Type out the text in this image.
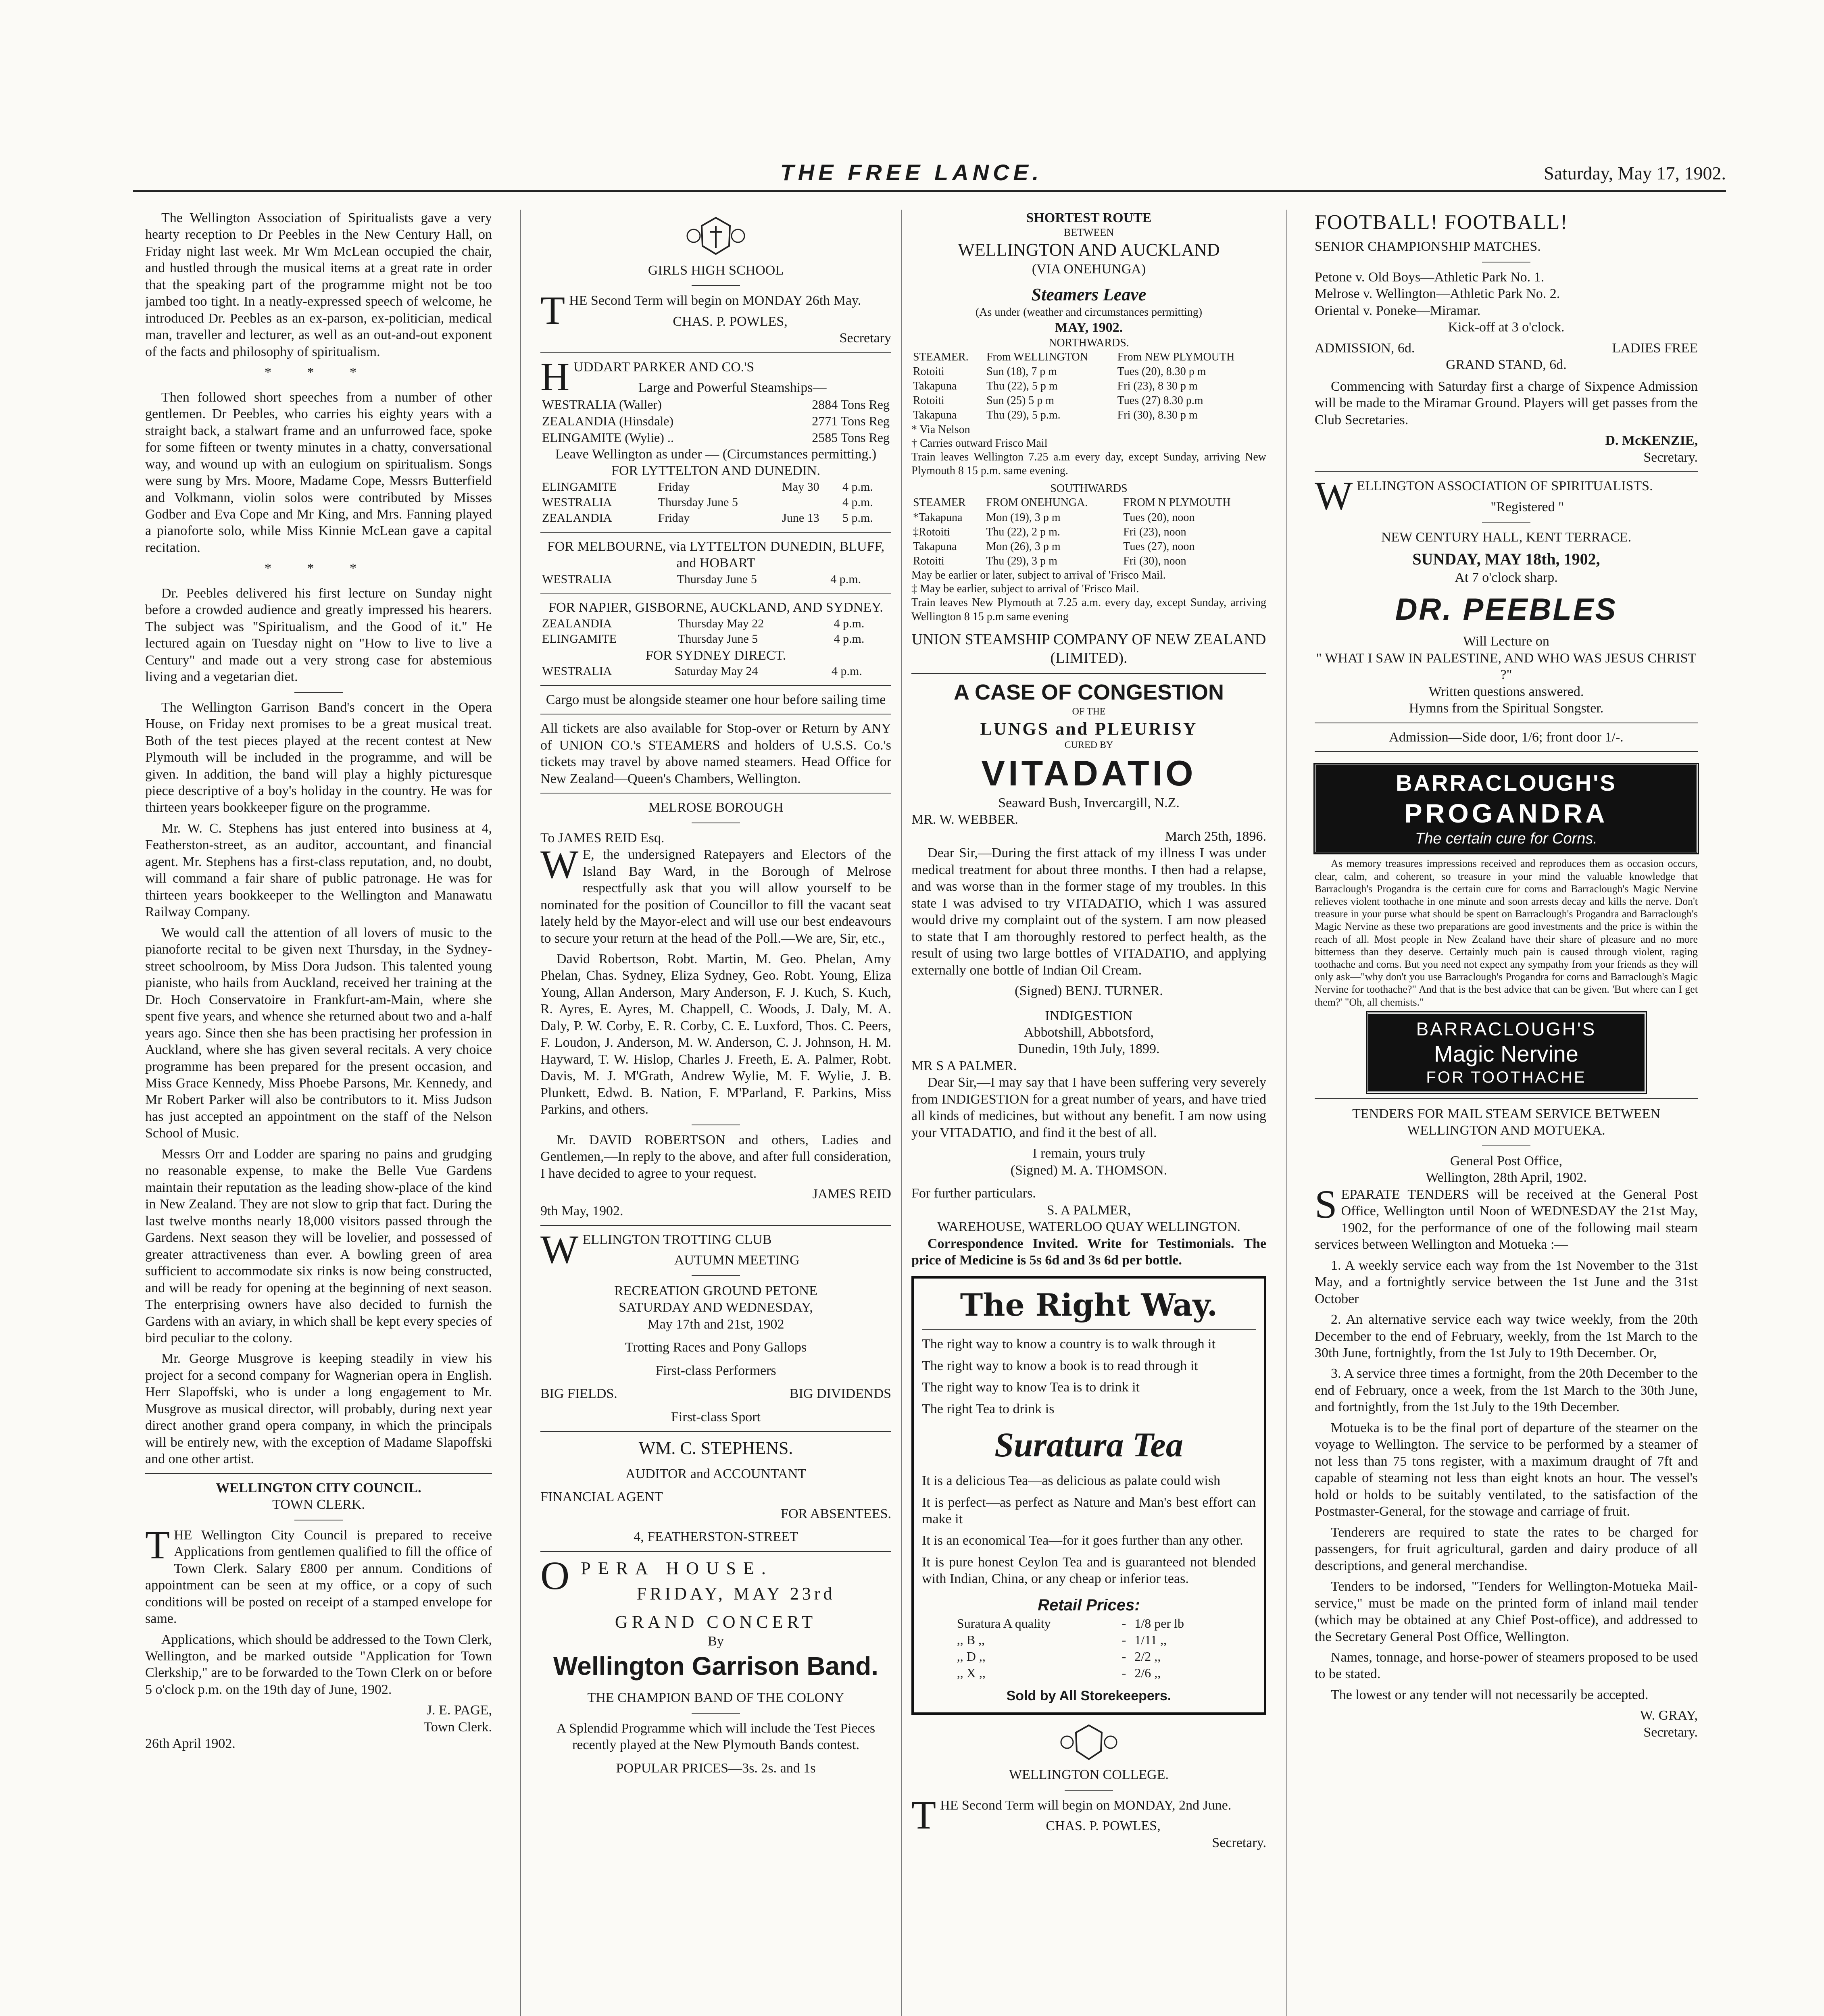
THE FREE LANCE.	Saturday, May 17, 1902.

The Wellington Association of Spiritualists gave a very hearty reception to Dr Peebles in the New Century Hall, on Friday night last week. Mr Wm McLean occupied the chair, and hustled through the musical items at a great rate in order that the speaking part of the programme might not be too jambed too tight. In a neatly-expressed speech of welcome, he introduced Dr. Peebles as an ex-parson, ex-politician, medical man, traveller and lecturer, as well as an out-and-out exponent of the facts and philosophy of spiritualism.

* * *

Then followed short speeches from a number of other gentlemen. Dr Peebles, who carries his eighty years with a straight back, a stalwart frame and an unfurrowed face, spoke for some fifteen or twenty minutes in a chatty, conversational way, and wound up with an eulogium on spiritualism. Songs were sung by Mrs. Moore, Madame Cope, Messrs Butterfield and Volkmann, violin solos were contributed by Misses Godber and Eva Cope and Mr King, and Mrs. Fanning played a pianoforte solo, while Miss Kinnie McLean gave a capital recitation.

* * *

Dr. Peebles delivered his first lecture on Sunday night before a crowded audience and greatly impressed his hearers. The subject was "Spiritualism, and the Good of it." He lectured again on Tuesday night on "How to live to live a Century" and made out a very strong case for abstemious living and a vegetarian diet.

The Wellington Garrison Band's concert in the Opera House, on Friday next promises to be a great musical treat. Both of the test pieces played at the recent contest at New Plymouth will be included in the programme, and will be given. In addition, the band will play a highly picturesque piece descriptive of a boy's holiday in the country. He was for thirteen years bookkeeper figure on the programme.

Mr. W. C. Stephens has just entered into business at 4, Featherston-street, as an auditor, accountant, and financial agent. Mr. Stephens has a first-class reputation, and, no doubt, will command a fair share of public patronage. He was for thirteen years bookkeeper to the Wellington and Manawatu Railway Company.

We would call the attention of all lovers of music to the pianoforte recital to be given next Thursday, in the Sydney-street schoolroom, by Miss Dora Judson. This talented young pianiste, who hails from Auckland, received her training at the Dr. Hoch Conservatoire in Frankfurt-am-Main, where she spent five years, and whence she returned about two and a-half years ago. Since then she has been practising her profession in Auckland, where she has given several recitals. A very choice programme has been prepared for the present occasion, and Miss Grace Kennedy, Miss Phoebe Parsons, Mr. Kennedy, and Mr Robert Parker will also be contributors to it. Miss Judson has just accepted an appointment on the staff of the Nelson School of Music.

Messrs Orr and Lodder are sparing no pains and grudging no reasonable expense, to make the Belle Vue Gardens maintain their reputation as the leading show-place of the kind in New Zealand. They are not slow to grip that fact. During the last twelve months nearly 18,000 visitors passed through the Gardens. Next season they will be lovelier, and possessed of greater attractiveness than ever. A bowling green of area sufficient to accommodate six rinks is now being constructed, and will be ready for opening at the beginning of next season. The enterprising owners have also decided to furnish the Gardens with an aviary, in which shall be kept every species of bird peculiar to the colony.

Mr. George Musgrove is keeping steadily in view his project for a second company for Wagnerian opera in English. Herr Slapoffski, who is under a long engagement to Mr. Musgrove as musical director, will probably, during next year direct another grand opera company, in which the principals will be entirely new, with the exception of Madame Slapoffski and one other artist.

WELLINGTON CITY COUNCIL.
TOWN CLERK.

THE Wellington City Council is prepared to receive Applications from gentlemen qualified to fill the office of Town Clerk. Salary £800 per annum. Conditions of appointment can be seen at my office, or a copy of such conditions will be posted on receipt of a stamped envelope for same.

Applications, which should be addressed to the Town Clerk, Wellington, and be marked outside "Application for Town Clerkship," are to be forwarded to the Town Clerk on or before 5 o'clock p.m. on the 19th day of June, 1902.

J. E. PAGE,
Town Clerk.
26th April 1902.
GIRLS HIGH SCHOOL

THE Second Term will begin on MONDAY 26th May.

CHAS. P. POWLES,
Secretary

HUDDART PARKER AND CO.'S

Large and Powerful Steamships—
WESTRALIA (Waller)	2884 Tons Reg
ZEALANDIA (Hinsdale)	2771 Tons Reg
ELINGAMITE (Wylie) ..	2585 Tons Reg
Leave Wellington as under — (Circumstances permitting.)
FOR LYTTELTON AND DUNEDIN.
ELINGAMITE	Friday	May 30	4 p.m.
WESTRALIA	Thursday June 5		4 p.m.
ZEALANDIA	Friday	June 13	5 p.m.
FOR MELBOURNE, via LYTTELTON DUNEDIN, BLUFF, and HOBART
WESTRALIA	Thursday June 5	4 p.m.
FOR NAPIER, GISBORNE, AUCKLAND, AND SYDNEY.
ZEALANDIA	Thursday May 22	4 p.m.
ELINGAMITE	Thursday June 5	4 p.m.
FOR SYDNEY DIRECT.
WESTRALIA	Saturday May 24	4 p.m.
Cargo must be alongside steamer one hour before sailing time

All tickets are also available for Stop-over or Return by ANY of UNION CO.'s STEAMERS and holders of U.S.S. Co.'s tickets may travel by above named steamers. Head Office for New Zealand—Queen's Chambers, Wellington.

MELROSE BOROUGH
To JAMES REID Esq.

W E, the undersigned Ratepayers and Electors of the Island Bay Ward, in the Borough of Melrose respectfully ask that you will allow yourself to be nominated for the position of Councillor to fill the vacant seat lately held by the Mayor-elect and will use our best endeavours to secure your return at the head of the Poll.—We are, Sir, etc.,

David Robertson, Robt. Martin, M. Geo. Phelan, Amy Phelan, Chas. Sydney, Eliza Sydney, Geo. Robt. Young, Eliza Young, Allan Anderson, Mary Anderson, F. J. Kuch, S. Kuch, R. Ayres, E. Ayres, M. Chappell, C. Woods, J. Daly, M. A. Daly, P. W. Corby, E. R. Corby, C. E. Luxford, Thos. C. Peers, F. Loudon, J. Anderson, M. W. Anderson, C. J. Johnson, H. M. Hayward, T. W. Hislop, Charles J. Freeth, E. A. Palmer, Robt. Davis, M. J. M'Grath, Andrew Wylie, M. F. Wylie, J. B. Plunkett, Edwd. B. Nation, F. M'Parland, F. Parkins, Miss Parkins, and others.

Mr. DAVID ROBERTSON and others, Ladies and Gentlemen,—In reply to the above, and after full consideration, I have decided to agree to your request.

JAMES REID
9th May, 1902.

WELLINGTON TROTTING CLUB

AUTUMN MEETING
RECREATION GROUND PETONE
SATURDAY AND WEDNESDAY,
May 17th and 21st, 1902
Trotting Races and Pony Gallops
First-class Performers
BIG FIELDS.	BIG DIVIDENDS
First-class Sport
WM. C. STEPHENS.
AUDITOR and ACCOUNTANT
FINANCIAL AGENT
FOR ABSENTEES.
4, FEATHERSTON-STREET

OPERA HOUSE.

FRIDAY, MAY 23rd
GRAND CONCERT
By
Wellington Garrison Band.
THE CHAMPION BAND OF THE COLONY
A Splendid Programme which will include the Test Pieces recently played at the New Plymouth Bands contest.
POPULAR PRICES—3s. 2s. and 1s
SHORTEST ROUTE
BETWEEN
WELLINGTON AND AUCKLAND
(VIA ONEHUNGA)
Steamers Leave
(As under (weather and circumstances permitting)
MAY, 1902.
NORTHWARDS.
STEAMER.	From WELLINGTON	From NEW PLYMOUTH
Rotoiti	Sun (18), 7 p m	Tues (20), 8.30 p m
Takapuna	Thu (22), 5 p m	Fri (23), 8 30 p m
Rotoiti	Sun (25) 5 p m	Tues (27) 8.30 p.m
Takapuna	Thu (29), 5 p.m.	Fri (30), 8.30 p m
* Via Nelson
† Carries outward Frisco Mail
Train leaves Wellington 7.25 a.m every day, except Sunday, arriving New Plymouth 8 15 p.m. same evening.
SOUTHWARDS
STEAMER	FROM ONEHUNGA.	FROM N PLYMOUTH
*Takapuna	Mon (19), 3 p m	Tues (20), noon
‡Rotoiti	Thu (22), 2 p m.	Fri (23), noon
Takapuna	Mon (26), 3 p m	Tues (27), noon
Rotoiti	Thu (29), 3 p m	Fri (30), noon
May be earlier or later, subject to arrival of 'Frisco Mail.
‡ May be earlier, subject to arrival of 'Frisco Mail.
Train leaves New Plymouth at 7.25 a.m. every day, except Sunday, arriving Wellington 8 15 p.m same evening
UNION STEAMSHIP COMPANY OF NEW ZEALAND (LIMITED).
A CASE OF CONGESTION
OF THE
LUNGS and PLEURISY
CURED BY
VITADATIO
Seaward Bush, Invercargill, N.Z.
MR. W. WEBBER.
March 25th, 1896.

Dear Sir,—During the first attack of my illness I was under medical treatment for about three months. I then had a relapse, and was worse than in the former stage of my troubles. In this state I was advised to try VITADATIO, which I was assured would drive my complaint out of the system. I am now pleased to state that I am thoroughly restored to perfect health, as the result of using two large bottles of VITADATIO, and applying externally one bottle of Indian Oil Cream.

(Signed) BENJ. TURNER.
INDIGESTION
Abbotshill, Abbotsford,
Dunedin, 19th July, 1899.
MR S A PALMER.

Dear Sir,—I may say that I have been suffering very severely from INDIGESTION for a great number of years, and have tried all kinds of medicines, but without any benefit. I am now using your VITADATIO, and find it the best of all.

I remain, yours truly
(Signed) M. A. THOMSON.
For further particulars.
S. A PALMER,
WAREHOUSE, WATERLOO QUAY WELLINGTON.

Correspondence Invited. Write for Testimonials. The price of Medicine is 5s 6d and 3s 6d per bottle.

The Right Way.
The right way to know a country is to walk through it
The right way to know a book is to read through it
The right way to know Tea is to drink it
The right Tea to drink is
Suratura Tea
It is a delicious Tea—as delicious as palate could wish
It is perfect—as perfect as Nature and Man's best effort can make it
It is an economical Tea—for it goes further than any other.
It is pure honest Ceylon Tea and is guaranteed not blended with Indian, China, or any cheap or inferior teas.
Retail Prices:
Suratura A quality	-	1/8 per lb
,, B ,,	-	1/11 ,,
,, D ,,	-	2/2 ,,
,, X ,,	-	2/6 ,,
Sold by All Storekeepers.
WELLINGTON COLLEGE.

THE Second Term will begin on MONDAY, 2nd June.

CHAS. P. POWLES,
Secretary.
FOOTBALL! FOOTBALL!
SENIOR CHAMPIONSHIP MATCHES.
Petone v. Old Boys—Athletic Park No. 1.
Melrose v. Wellington—Athletic Park No. 2.
Oriental v. Poneke—Miramar.
Kick-off at 3 o'clock.
ADMISSION, 6d.	LADIES FREE
GRAND STAND, 6d.

Commencing with Saturday first a charge of Sixpence Admission will be made to the Miramar Ground. Players will get passes from the Club Secretaries.

D. McKENZIE,
Secretary.

WELLINGTON ASSOCIATION OF SPIRITUALISTS.

"Registered "
NEW CENTURY HALL, KENT TERRACE.
SUNDAY, MAY 18th, 1902,
At 7 o'clock sharp.
DR. PEEBLES
Will Lecture on
" WHAT I SAW IN PALESTINE, AND WHO WAS JESUS CHRIST ?"
Written questions answered.
Hymns from the Spiritual Songster.
Admission—Side door, 1/6; front door 1/-.
BARRACLOUGH'S
PROGANDRA
The certain cure for Corns.

As memory treasures impressions received and reproduces them as occasion occurs, clear, calm, and coherent, so treasure in your mind the valuable knowledge that Barraclough's Progandra is the certain cure for corns and Barraclough's Magic Nervine relieves violent toothache in one minute and soon arrests decay and kills the nerve. Don't treasure in your purse what should be spent on Barraclough's Progandra and Barraclough's Magic Nervine as these two preparations are good investments and the price is within the reach of all. Most people in New Zealand have their share of pleasure and no more bitterness than they deserve. Certainly much pain is caused through violent, raging toothache and corns. But you need not expect any sympathy from your friends as they will only ask—"why don't you use Barraclough's Progandra for corns and Barraclough's Magic Nervine for toothache?" And that is the best advice that can be given. 'But where can I get them?' "Oh, all chemists."

BARRACLOUGH'S
Magic Nervine
FOR TOOTHACHE
TENDERS FOR MAIL STEAM SERVICE BETWEEN WELLINGTON AND MOTUEKA.
General Post Office,
Wellington, 28th April, 1902.

SEPARATE TENDERS will be received at the General Post Office, Wellington until Noon of WEDNESDAY the 21st May, 1902, for the performance of one of the following mail steam services between Wellington and Motueka :—

1. A weekly service each way from the 1st November to the 31st May, and a fortnightly service between the 1st June and the 31st October

2. An alternative service each way twice weekly, from the 20th December to the end of February, weekly, from the 1st March to the 30th June, fortnightly, from the 1st July to 19th December. Or,

3. A service three times a fortnight, from the 20th December to the end of February, once a week, from the 1st March to the 30th June, and fortnightly, from the 1st July to the 19th December.

Motueka is to be the final port of departure of the steamer on the voyage to Wellington. The service to be performed by a steamer of not less than 75 tons register, with a maximum draught of 7ft and capable of steaming not less than eight knots an hour. The vessel's hold or holds to be suitably ventilated, to the satisfaction of the Postmaster-General, for the stowage and carriage of fruit.

Tenderers are required to state the rates to be charged for passengers, for fruit agricultural, garden and dairy produce of all descriptions, and general merchandise.

Tenders to be indorsed, "Tenders for Wellington-Motueka Mail-service," must be made on the printed form of inland mail tender (which may be obtained at any Chief Post-office), and addressed to the Secretary General Post Office, Wellington.

Names, tonnage, and horse-power of steamers proposed to be used to be stated.

The lowest or any tender will not necessarily be accepted.

W. GRAY,
Secretary.
